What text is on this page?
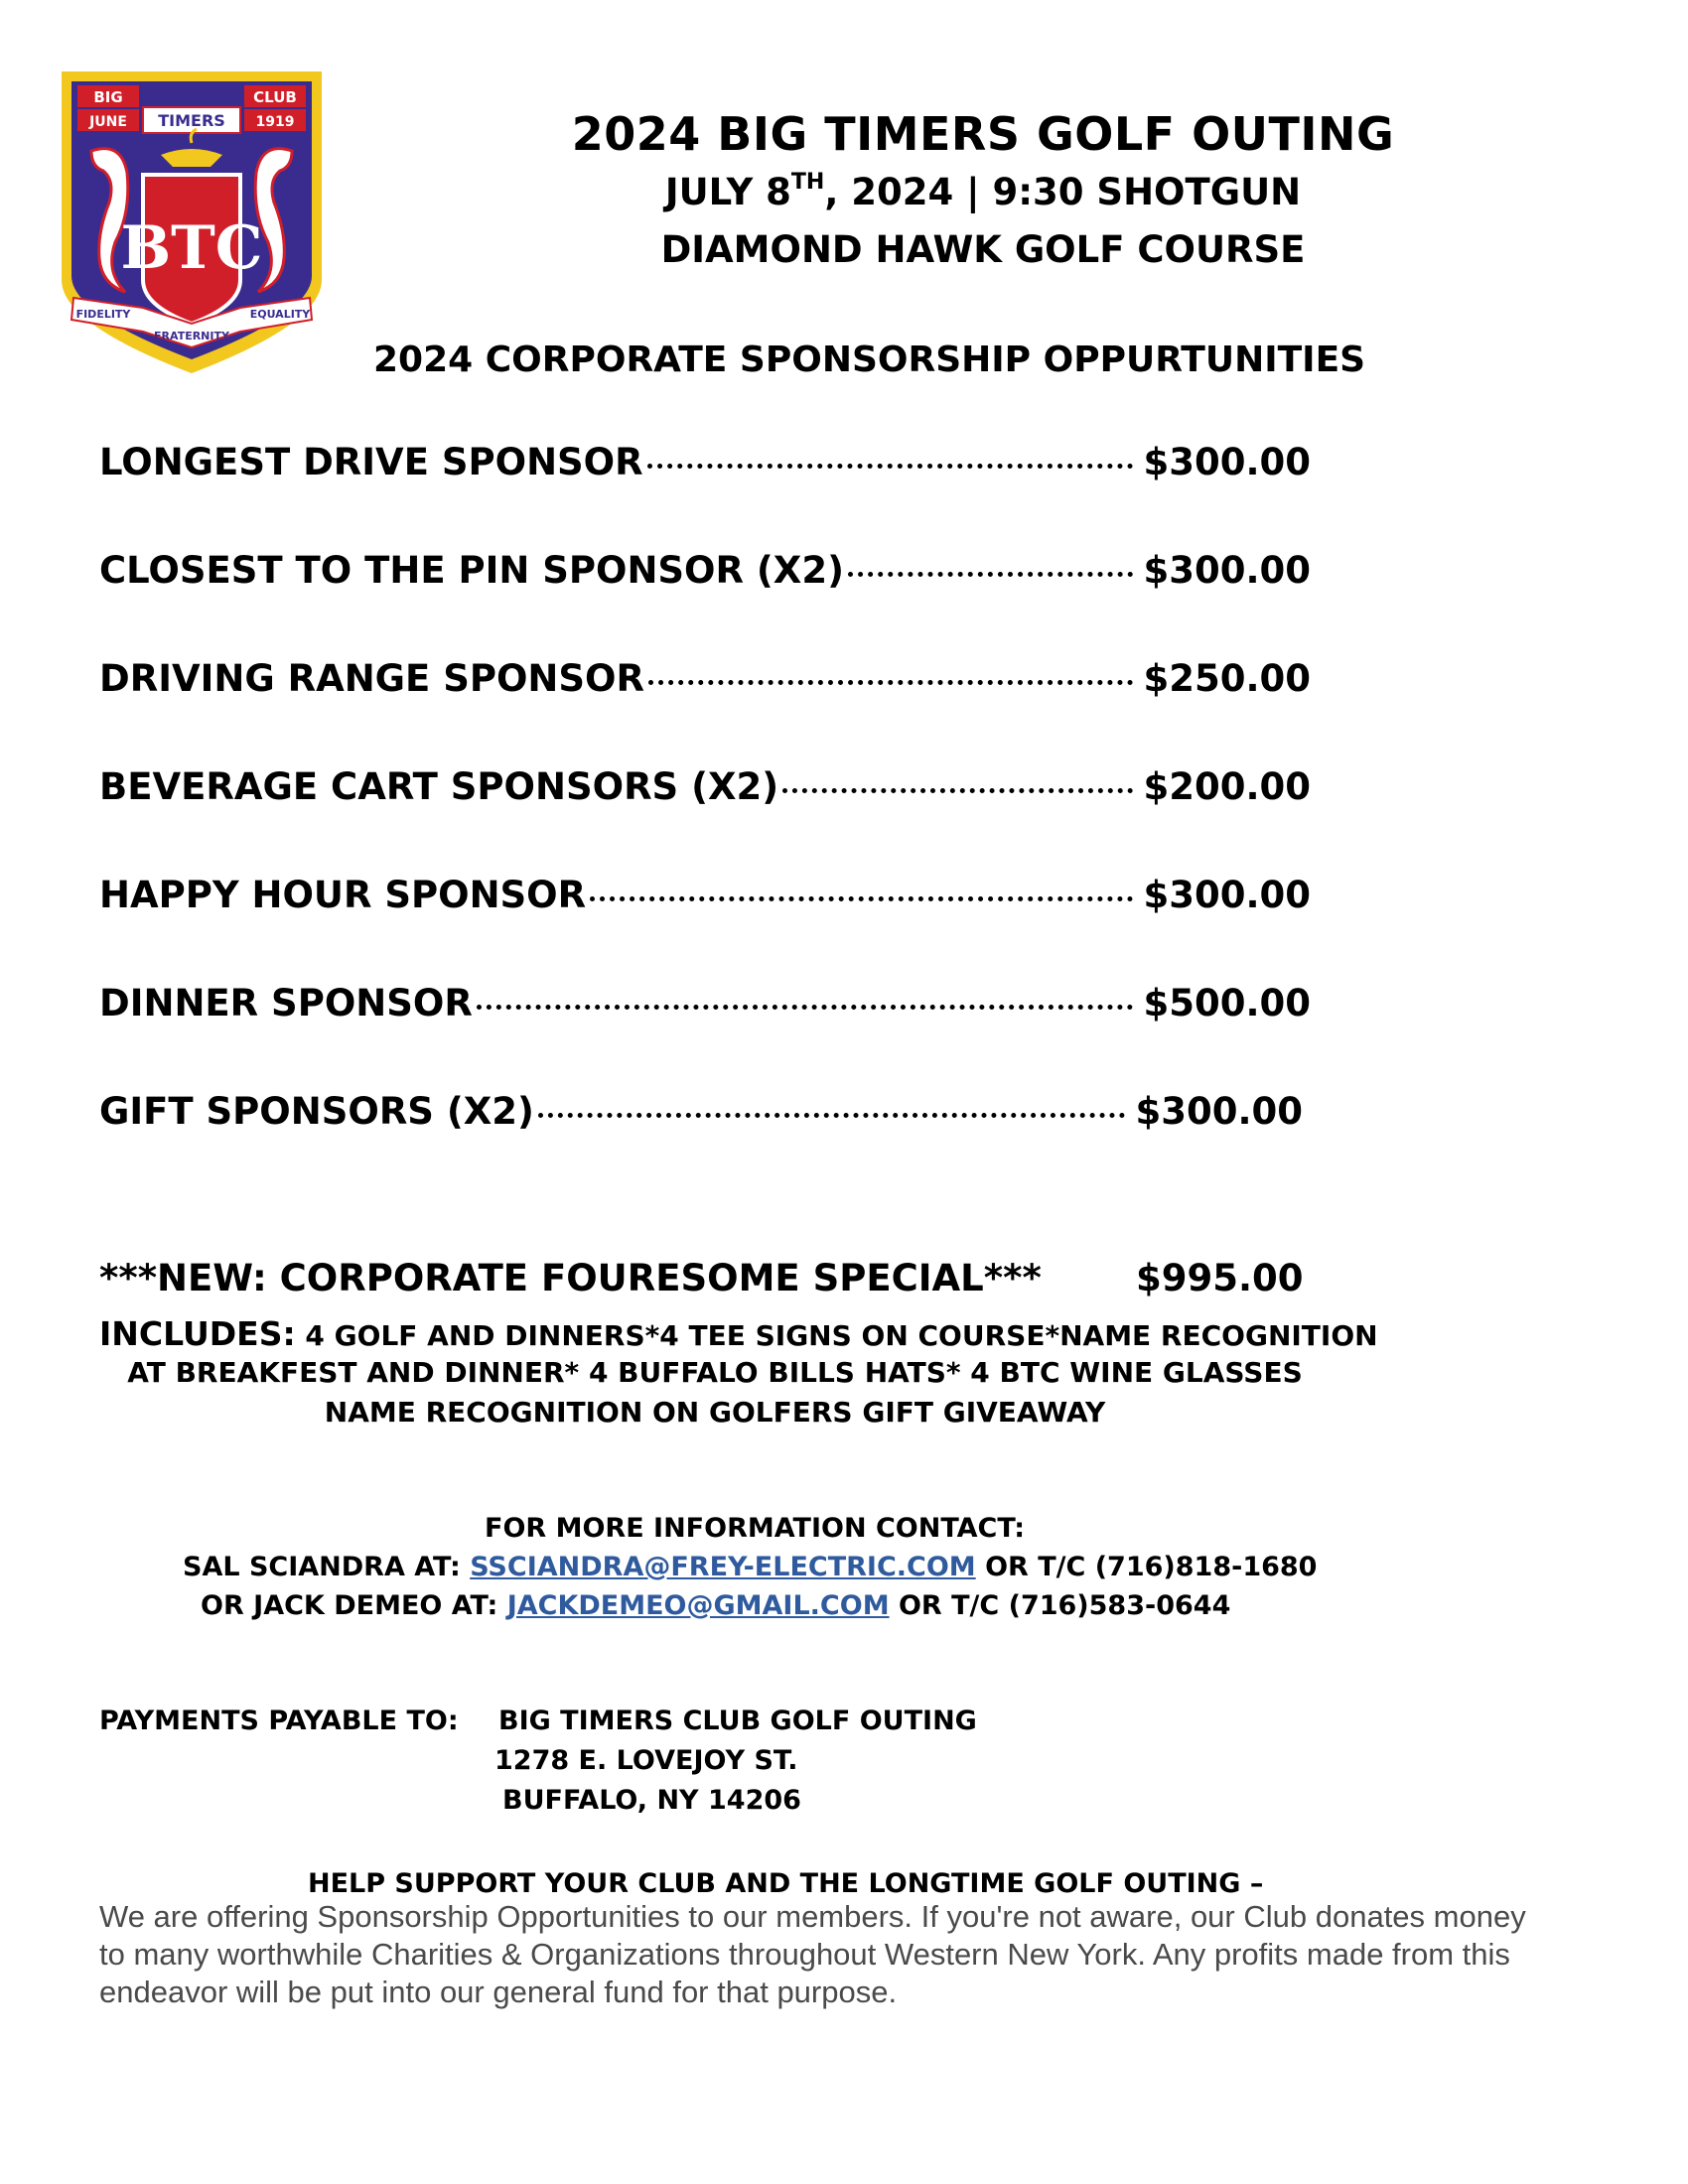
BIG	CLUB
JUNE	1919
TIMERS
BTC
FIDELITY
FRATERNITY
EQUALITY
2024 BIG TIMERS GOLF OUTING
JULY 8TH, 2024 | 9:30 SHOTGUN
DIAMOND HAWK GOLF COURSE
2024 CORPORATE SPONSORSHIP OPPURTUNITIES
LONGEST DRIVE SPONSOR	$300.00
CLOSEST TO THE PIN SPONSOR (X2)	$300.00
DRIVING RANGE SPONSOR	$250.00
BEVERAGE CART SPONSORS (X2)	$200.00
HAPPY HOUR SPONSOR	$300.00
DINNER SPONSOR	$500.00
GIFT SPONSORS (X2)	$300.00
***NEW: CORPORATE FOURESOME SPECIAL***	$995.00
INCLUDES: 4 GOLF AND DINNERS*4 TEE SIGNS ON COURSE*NAME RECOGNITION
AT BREAKFEST AND DINNER* 4 BUFFALO BILLS HATS* 4 BTC WINE GLASSES
NAME RECOGNITION ON GOLFERS GIFT GIVEAWAY
FOR MORE INFORMATION CONTACT:
SAL SCIANDRA AT: SSCIANDRA@FREY-ELECTRIC.COM OR T/C (716)818-1680
OR JACK DEMEO AT: JACKDEMEO@GMAIL.COM OR T/C (716)583-0644
PAYMENTS PAYABLE TO: BIG TIMERS CLUB GOLF OUTING
1278 E. LOVEJOY ST.
BUFFALO, NY 14206
HELP SUPPORT YOUR CLUB AND THE LONGTIME GOLF OUTING –
We are offering Sponsorship Opportunities to our members. If you're not aware, our Club donates money to many worthwhile Charities & Organizations throughout Western New York. Any profits made from this endeavor will be put into our general fund for that purpose.
